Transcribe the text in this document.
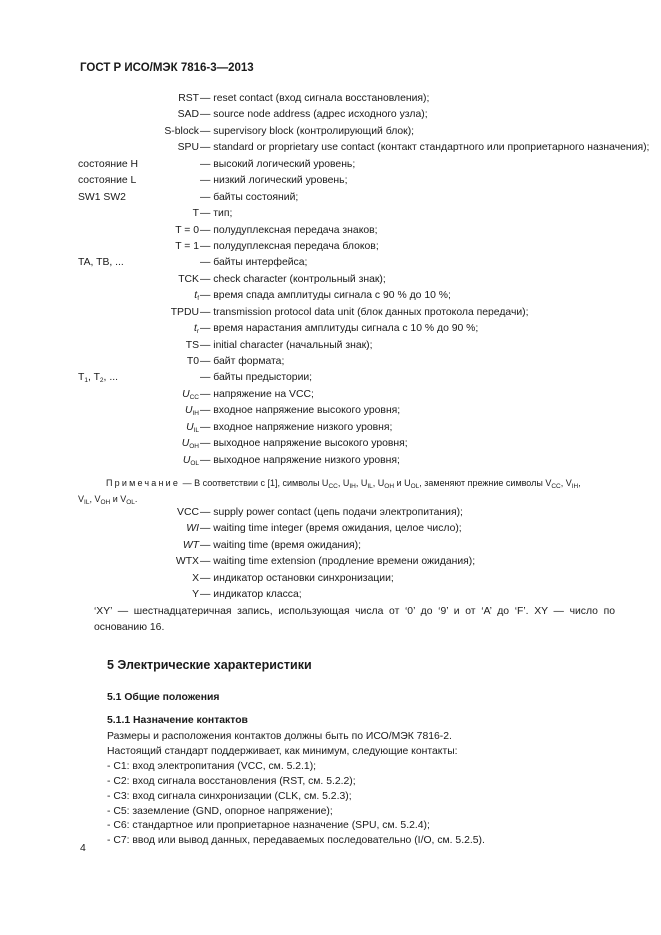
ГОСТ Р ИСО/МЭК 7816-3—2013
RST — reset contact (вход сигнала восстановления);
SAD — source node address (адрес исходного узла);
S-block — supervisory block (контролирующий блок);
SPU — standard or proprietary use contact (контакт стандартного или проприетарного назначения);
состояние H	— высокий логический уровень;
состояние L	— низкий логический уровень;
SW1 SW2	— байты состояний;
T — тип;
T = 0 — полудуплексная передача знаков;
T = 1 — полудуплексная передача блоков;
TA, TB, ...	— байты интерфейса;
TCK — check character (контрольный знак);
$t_f$ — время спада амплитуды сигнала с 90 % до 10 %;
TPDU — transmission protocol data unit (блок данных протокола передачи);
$t_r$ — время нарастания амплитуды сигнала с 10 % до 90 %;
TS — initial character (начальный знак);
T0 — байт формата;
$T_1$, $T_2$, ...	— байты предыстории;
$U_{CC}$ — напряжение на VCC;
$U_{IH}$ — входное напряжение высокого уровня;
$U_{IL}$ — входное напряжение низкого уровня;
$U_{OH}$ — выходное напряжение высокого уровня;
$U_{OL}$ — выходное напряжение низкого уровня;
Примечание — В соответствии с [1], символы $U_{CC}$, $U_{IH}$, $U_{IL}$, $U_{OH}$ и $U_{OL}$, заменяют прежние символы $V_{CC}$, $V_{IH}$,
$V_{IL}$, $V_{OH}$ и $V_{OL}$.
VCC — supply power contact (цепь подачи электропитания);
WI — waiting time integer (время ожидания, целое число);
WT — waiting time (время ожидания);
WTX — waiting time extension (продление времени ожидания);
X — индикатор остановки синхронизации;
Y — индикатор класса;
‘XY’ — шестнадцатеричная запись, использующая числа от ‘0’ до ‘9’ и от ‘A’ до ‘F’. XY — число по основанию 16.
5 Электрические характеристики
5.1 Общие положения
5.1.1 Назначение контактов
Размеры и расположения контактов должны быть по ИСО/МЭК 7816-2.
Настоящий стандарт поддерживает, как минимум, следующие контакты:
- C1: вход электропитания (VCC, см. 5.2.1);
- C2: вход сигнала восстановления (RST, см. 5.2.2);
- C3: вход сигнала синхронизации (CLK, см. 5.2.3);
- C5: заземление (GND, опорное напряжение);
- C6: стандартное или проприетарное назначение (SPU, см. 5.2.4);
- C7: ввод или вывод данных, передаваемых последовательно (I/O, см. 5.2.5).
4
